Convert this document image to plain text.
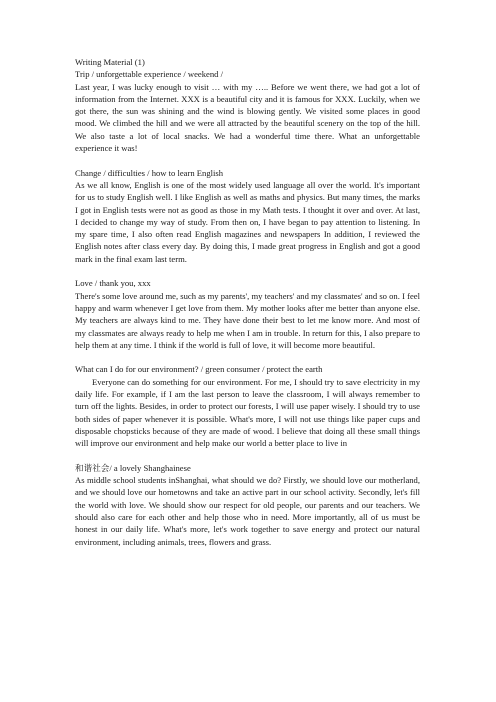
Writing Material (1)

Trip / unforgettable experience / weekend /

Last year, I was lucky enough to visit … with my ….. Before we went there, we had got a lot of information from the Internet. XXX is a beautiful city and it is famous for XXX. Luckily, when we got there, the sun was shining and the wind is blowing gently. We visited some places in good mood. We climbed the hill and we were all attracted by the beautiful scenery on the top of the hill. We also taste a lot of local snacks. We had a wonderful time there. What an unforgettable experience it was!

Change / difficulties / how to learn English

As we all know, English is one of the most widely used language all over the world. It's important for us to study English well. I like English as well as maths and physics. But many times, the marks I got in English tests were not as good as those in my Math tests. I thought it over and over. At last, I decided to change my way of study. From then on, I have began to pay attention to listening. In my spare time, I also often read English magazines and newspapers In addition, I reviewed the English notes after class every day. By doing this, I made great progress in English and got a good mark in the final exam last term.

Love / thank you, xxx

There's some love around me, such as my parents', my teachers' and my classmates' and so on. I feel happy and warm whenever I get love from them. My mother looks after me better than anyone else. My teachers are always kind to me. They have done their best to let me know more. And most of my classmates are always ready to help me when I am in trouble. In return for this, I also prepare to help them at any time. I think if the world is full of love, it will become more beautiful.

What can I do for our environment? / green consumer / protect the earth

Everyone can do something for our environment. For me, I should try to save electricity in my daily life. For example, if I am the last person to leave the classroom, I will always remember to turn off the lights. Besides, in order to protect our forests, I will use paper wisely. I should try to use both sides of paper whenever it is possible. What's more, I will not use things like paper cups and disposable chopsticks because of they are made of wood. I believe that doing all these small things will improve our environment and help make our world a better place to live in

和谐社会/ a lovely Shanghainese

As middle school students inShanghai, what should we do? Firstly, we should love our motherland, and we should love our hometowns and take an active part in our school activity. Secondly, let's fill the world with love. We should show our respect for old people, our parents and our teachers. We should also care for each other and help those who in need. More importantly, all of us must be honest in our daily life. What's more, let's work together to save energy and protect our natural environment, including animals, trees, flowers and grass.
